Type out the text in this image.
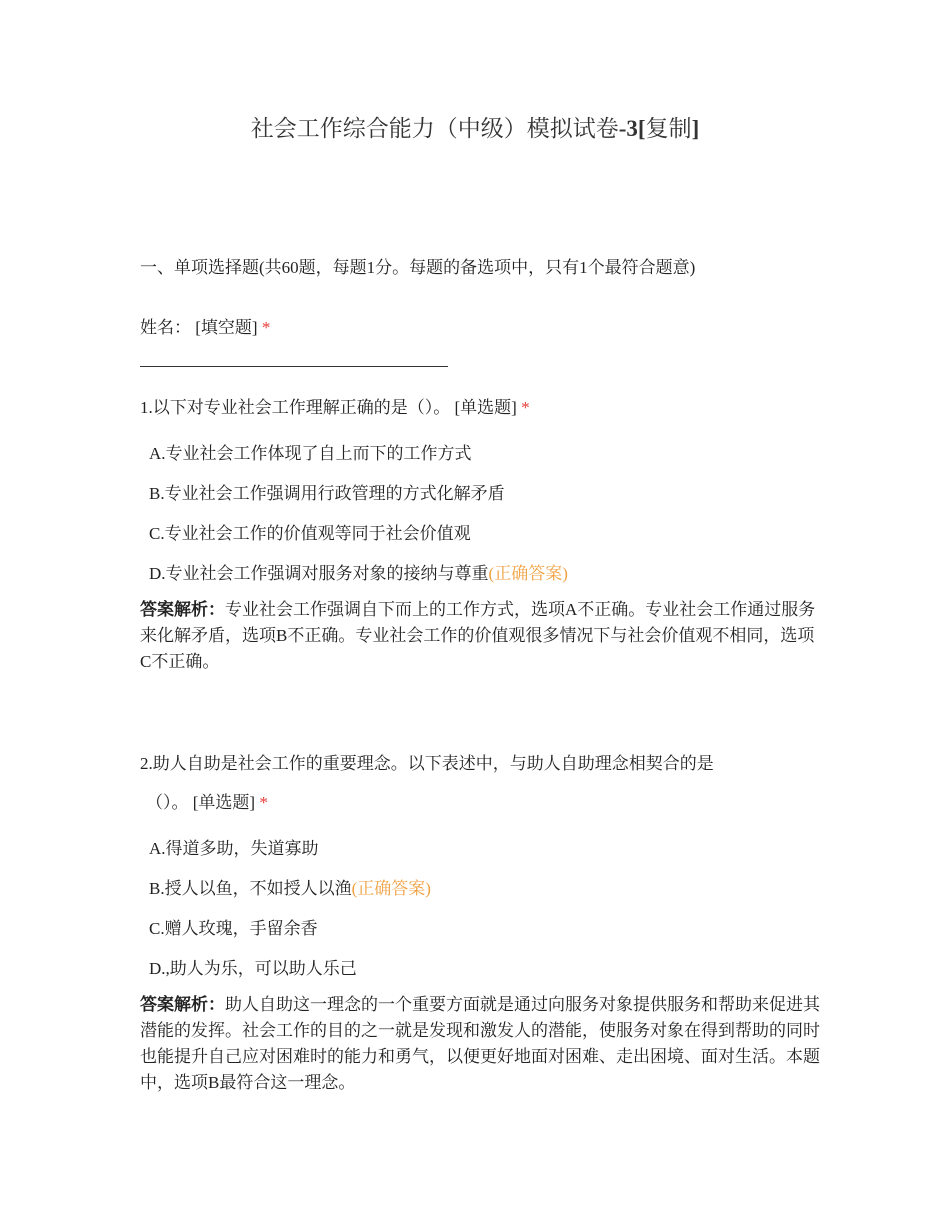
社会工作综合能力（中级）模拟试卷-3[复制]
一、单项选择题(共60题，每题1分。每题的备选项中，只有1个最符合题意)
姓名： [填空题] *
1.以下对专业社会工作理解正确的是（）。 [单选题] *
A.专业社会工作体现了自上而下的工作方式
B.专业社会工作强调用行政管理的方式化解矛盾
C.专业社会工作的价值观等同于社会价值观
D.专业社会工作强调对服务对象的接纳与尊重(正确答案)
答案解析：专业社会工作强调自下而上的工作方式，选项A不正确。专业社会工作通过服务来化解矛盾，选项B不正确。专业社会工作的价值观很多情况下与社会价值观不相同，选项C不正确。
2.助人自助是社会工作的重要理念。以下表述中，与助人自助理念相契合的是
（）。 [单选题] *
A.得道多助，失道寡助
B.授人以鱼，不如授人以渔(正确答案)
C.赠人玫瑰，手留余香
D.,助人为乐，可以助人乐己
答案解析：助人自助这一理念的一个重要方面就是通过向服务对象提供服务和帮助来促进其潜能的发挥。社会工作的目的之一就是发现和激发人的潜能，使服务对象在得到帮助的同时也能提升自己应对困难时的能力和勇气，以便更好地面对困难、走出困境、面对生活。本题中，选项B最符合这一理念。
